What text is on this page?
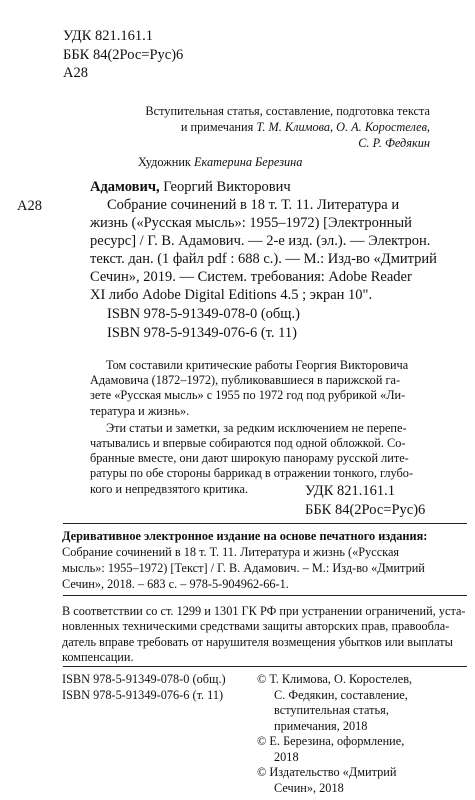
УДК 821.161.1
ББК 84(2Рос=Рус)6
А28
Вступительная статья, составление, подготовка текста
и примечания Т. М. Климова, О. А. Коростелев,
С. Р. Федякин
Художник Екатерина Березина
А28
Адамович, Георгий Викторович
Собрание сочинений в 18 т. Т. 11. Литература и
жизнь («Русская мысль»: 1955–1972) [Электронный
ресурс] / Г. В. Адамович. — 2-е изд. (эл.). — Электрон.
текст. дан. (1 файл pdf : 688 с.). — М.: Изд-во «Дмитрий
Сечин», 2019. — Систем. требования: Adobe Reader
XI либо Adobe Digital Editions 4.5 ; экран 10".
ISBN 978-5-91349-078-0 (общ.)
ISBN 978-5-91349-076-6 (т. 11)
Том составили критические работы Георгия Викторовича
Адамовича (1872–1972), публиковавшиеся в парижской га-
зете «Русская мысль» с 1955 по 1972 год под рубрикой «Ли-
тература и жизнь».
Эти статьи и заметки, за редким исключением не перепе-
чатывались и впервые собираются под одной обложкой. Со-
бранные вместе, они дают широкую панораму русской лите-
ратуры по обе стороны баррикад в отражении тонкого, глубо-
кого и непредвзятого критика.	УДК 821.161.1
ББК 84(2Рос=Рус)6
Деривативное электронное издание на основе печатного издания:
Собрание сочинений в 18 т. Т. 11. Литература и жизнь («Русская
мысль»: 1955–1972) [Текст] / Г. В. Адамович. – М.: Изд-во «Дмитрий
Сечин», 2018. – 683 с. – 978-5-904962-66-1.
В соответствии со ст. 1299 и 1301 ГК РФ при устранении ограничений, уста-
новленных техническими средствами защиты авторских прав, правообла-
датель вправе требовать от нарушителя возмещения убытков или выплаты
компенсации.
ISBN 978-5-91349-078-0 (общ.)
ISBN 978-5-91349-076-6 (т. 11)
© Т. Климова, О. Коростелев,
С. Федякин, составление,
вступительная статья,
примечания, 2018
© Е. Березина, оформление,
2018
© Издательство «Дмитрий
Сечин», 2018
